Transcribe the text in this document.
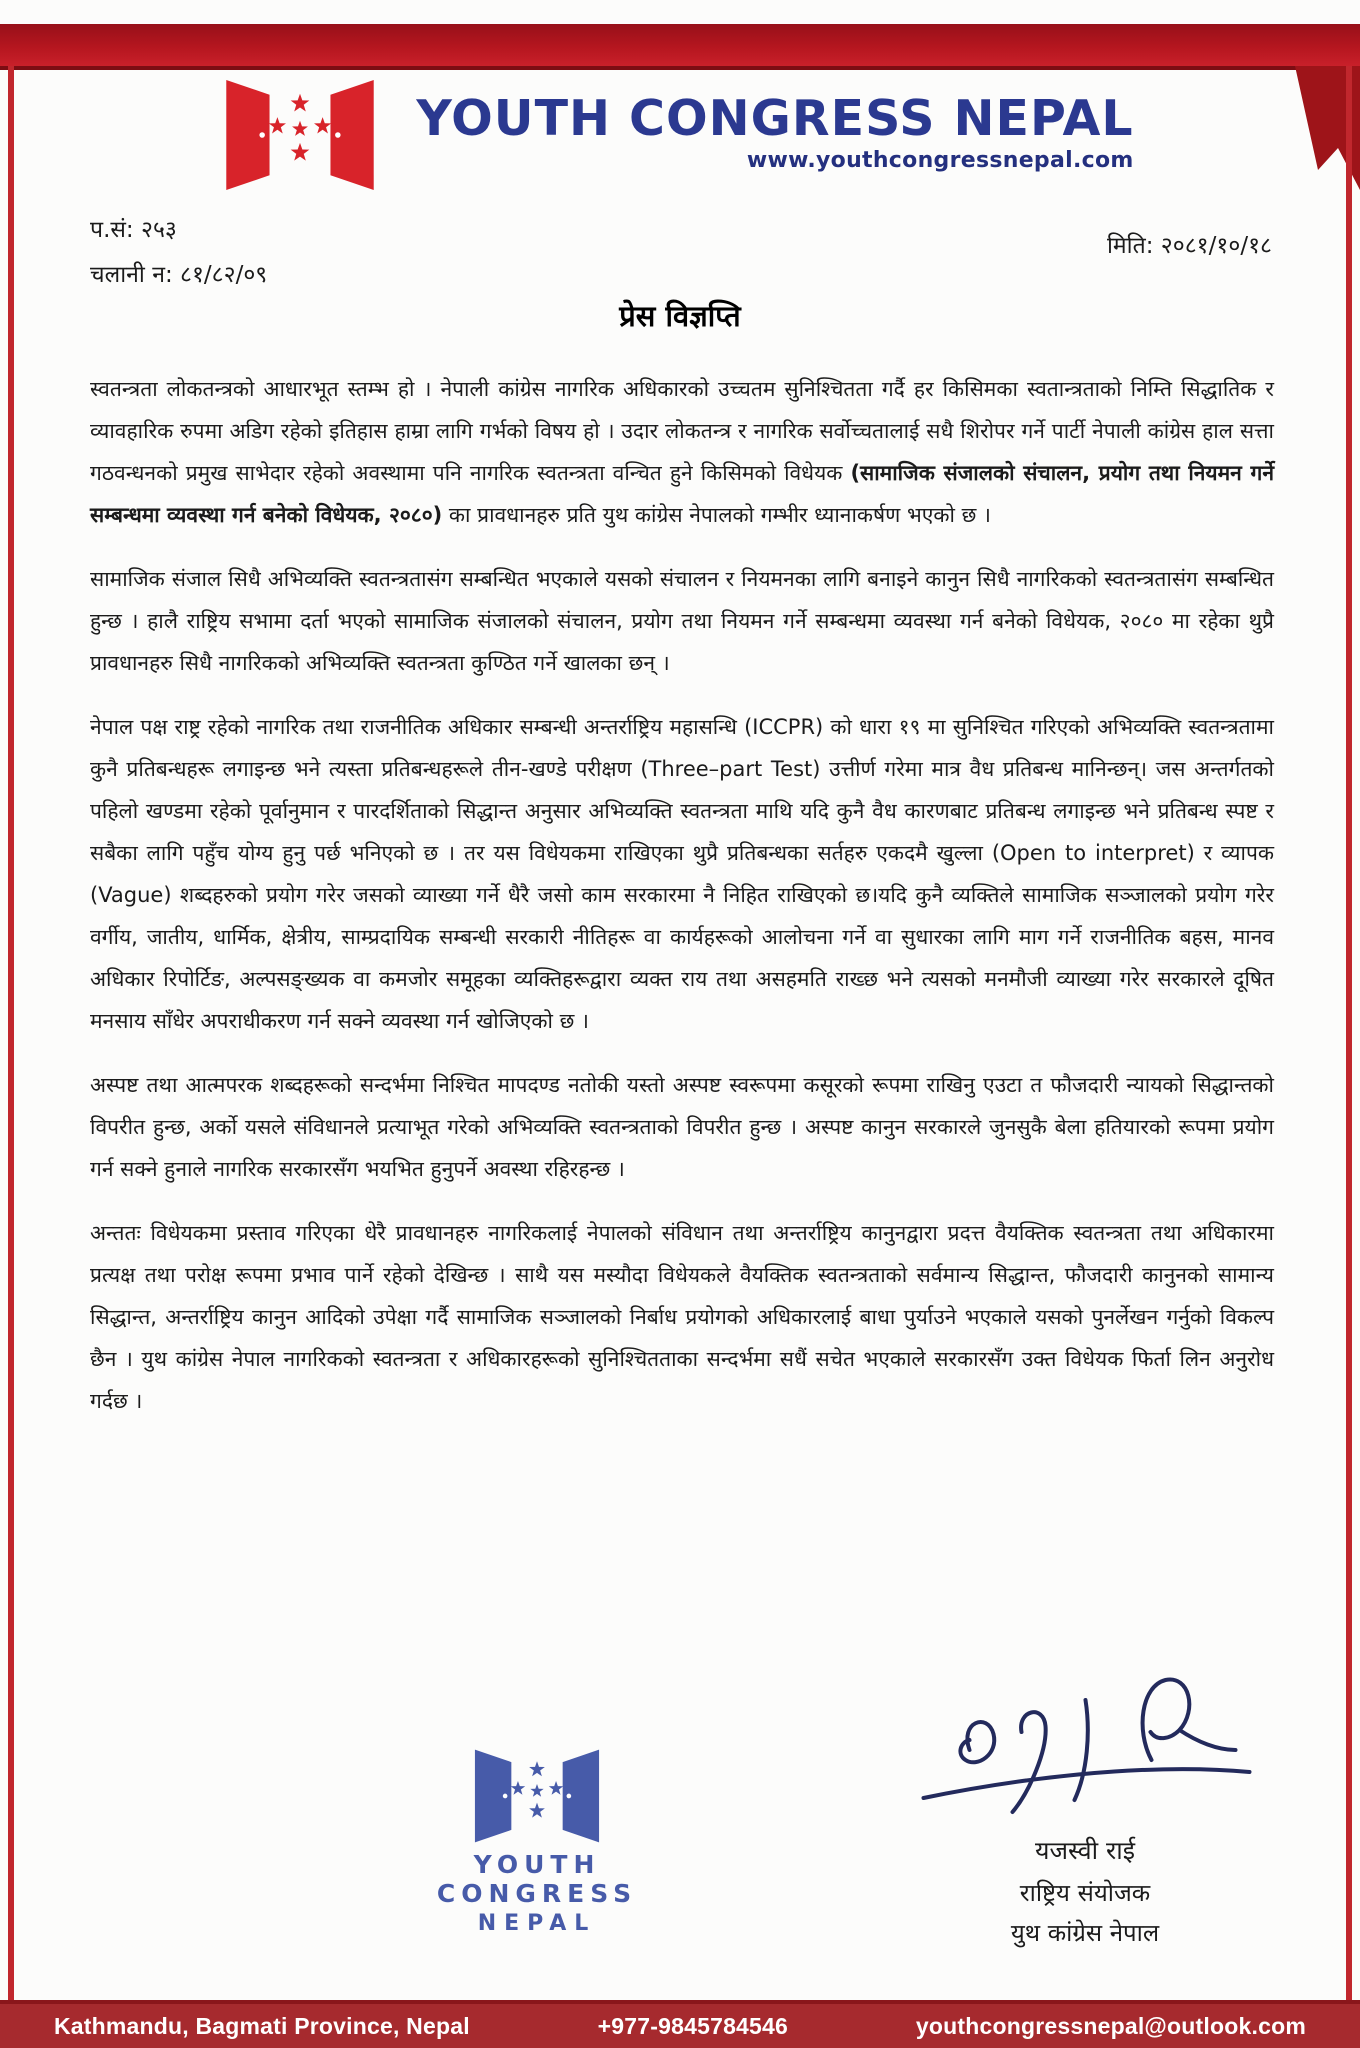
YOUTH CONGRESS NEPAL
www.youthcongressnepal.com
प.सं: २५३
चलानी न: ८१/८२/०९
मिति: २०८१/१०/१८
प्रेस विज्ञप्ति

स्वतन्त्रता लोकतन्त्रको आधारभूत स्तम्भ हो । नेपाली कांग्रेस नागरिक अधिकारको उच्चतम सुनिश्चितता गर्दै हर किसिमका स्वतान्त्रताको निम्ति सिद्धातिक र व्यावहारिक रुपमा अडिग रहेको इतिहास हाम्रा लागि गर्भको विषय हो । उदार लोकतन्त्र र नागरिक सर्वोच्चतालाई सधै शिरोपर गर्ने पार्टी नेपाली कांग्रेस हाल सत्ता गठवन्धनको प्रमुख साभेदार रहेको अवस्थामा पनि नागरिक स्वतन्त्रता वन्चित हुने किसिमको विधेयक (सामाजिक संजालको संचालन, प्रयोग तथा नियमन गर्ने सम्बन्धमा व्यवस्था गर्न बनेको विधेयक, २०८०) का प्रावधानहरु प्रति युथ कांग्रेस नेपालको गम्भीर ध्यानाकर्षण भएको छ ।

सामाजिक संजाल सिधै अभिव्यक्ति स्वतन्त्रतासंग सम्बन्धित भएकाले यसको संचालन र नियमनका लागि बनाइने कानुन सिधै नागरिकको स्वतन्त्रतासंग सम्बन्धित हुन्छ । हालै राष्ट्रिय सभामा दर्ता भएको सामाजिक संजालको संचालन, प्रयोग तथा नियमन गर्ने सम्बन्धमा व्यवस्था गर्न बनेको विधेयक, २०८० मा रहेका थुप्रै प्रावधानहरु सिधै नागरिकको अभिव्यक्ति स्वतन्त्रता कुण्ठित गर्ने खालका छन् ।

नेपाल पक्ष राष्ट्र रहेको नागरिक तथा राजनीतिक अधिकार सम्बन्धी अन्तर्राष्ट्रिय महासन्धि (ICCPR) को धारा १९ मा सुनिश्चित गरिएको अभिव्यक्ति स्वतन्त्रतामा कुनै प्रतिबन्धहरू लगाइन्छ भने त्यस्ता प्रतिबन्धहरूले तीन-खण्डे परीक्षण (Three–part Test) उत्तीर्ण गरेमा मात्र वैध प्रतिबन्ध मानिन्छन्। जस अन्तर्गतको पहिलो खण्डमा रहेको पूर्वानुमान र पारदर्शिताको सिद्धान्त अनुसार अभिव्यक्ति स्वतन्त्रता माथि यदि कुनै वैध कारणबाट प्रतिबन्ध लगाइन्छ भने प्रतिबन्ध स्पष्ट र सबैका लागि पहुँच योग्य हुनु पर्छ भनिएको छ । तर यस विधेयकमा राखिएका थुप्रै प्रतिबन्धका सर्तहरु एकदमै खुल्ला (Open to interpret) र व्यापक (Vague) शब्दहरुको प्रयोग गरेर जसको व्याख्या गर्ने धैरै जसो काम सरकारमा नै निहित राखिएको छ।यदि कुनै व्यक्तिले सामाजिक सञ्जालको प्रयोग गरेर वर्गीय, जातीय, धार्मिक, क्षेत्रीय, साम्प्रदायिक सम्बन्धी सरकारी नीतिहरू वा कार्यहरूको आलोचना गर्ने वा सुधारका लागि माग गर्ने राजनीतिक बहस, मानव अधिकार रिपोर्टिङ, अल्पसङ्ख्यक वा कमजोर समूहका व्यक्तिहरूद्वारा व्यक्त राय तथा असहमति राख्छ भने त्यसको मनमौजी व्याख्या गरेर सरकारले दूषित मनसाय साँधेर अपराधीकरण गर्न सक्ने व्यवस्था गर्न खोजिएको छ ।

अस्पष्ट तथा आत्मपरक शब्दहरूको सन्दर्भमा निश्चित मापदण्ड नतोकी यस्तो अस्पष्ट स्वरूपमा कसूरको रूपमा राखिनु एउटा त फौजदारी न्यायको सिद्धान्तको विपरीत हुन्छ, अर्को यसले संविधानले प्रत्याभूत गरेको अभिव्यक्ति स्वतन्त्रताको विपरीत हुन्छ । अस्पष्ट कानुन सरकारले जुनसुकै बेला हतियारको रूपमा प्रयोग गर्न सक्ने हुनाले नागरिक सरकारसँग भयभित हुनुपर्ने अवस्था रहिरहन्छ ।

अन्ततः विधेयकमा प्रस्ताव गरिएका धेरै प्रावधानहरु नागरिकलाई नेपालको संविधान तथा अन्तर्राष्ट्रिय कानुनद्वारा प्रदत्त वैयक्तिक स्वतन्त्रता तथा अधिकारमा प्रत्यक्ष तथा परोक्ष रूपमा प्रभाव पार्ने रहेको देखिन्छ । साथै यस मस्यौदा विधेयकले वैयक्तिक स्वतन्त्रताको सर्वमान्य सिद्धान्त, फौजदारी कानुनको सामान्य सिद्धान्त, अन्तर्राष्ट्रिय कानुन आदिको उपेक्षा गर्दै सामाजिक सञ्जालको निर्बाध प्रयोगको अधिकारलाई बाधा पुर्याउने भएकाले यसको पुनर्लेखन गर्नुको विकल्प छैन । युथ कांग्रेस नेपाल नागरिकको स्वतन्त्रता र अधिकारहरूको सुनिश्चितताका सन्दर्भमा सधैं सचेत भएकाले सरकारसँग उक्त विधेयक फिर्ता लिन अनुरोध गर्दछ ।

YOUTH CONGRESS
NEPAL
यजस्वी राई
राष्ट्रिय संयोजक
युथ कांग्रेस नेपाल
Kathmandu, Bagmati Province, Nepal	+977-9845784546	youthcongressnepal@outlook.com
